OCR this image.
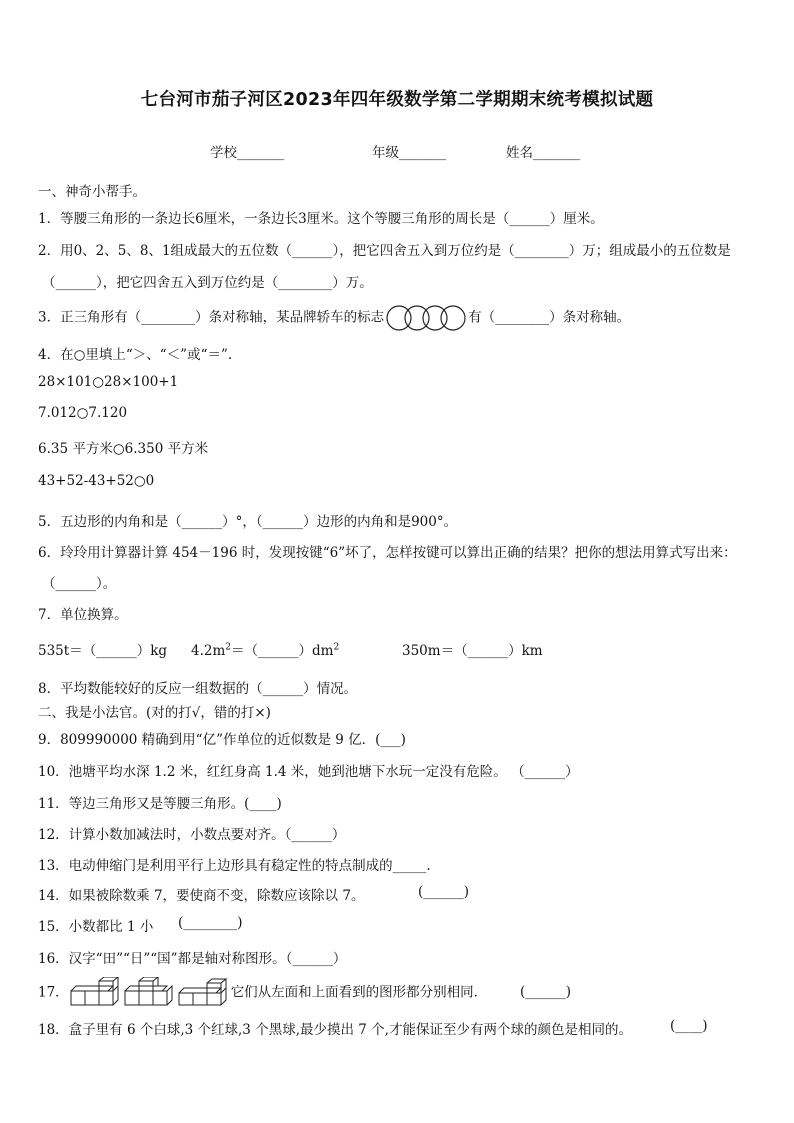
七台河市茄子河区2023年四年级数学第二学期期末统考模拟试题
学校_______	年级_______	姓名_______
一、神奇小帮手。
1．等腰三角形的一条边长6厘米，一条边长3厘米。这个等腰三角形的周长是（______）厘米。
2．用0、2、5、8、1组成最大的五位数（______），把它四舍五入到万位约是（________）万；组成最小的五位数是
（______），把它四舍五入到万位约是（________）万。
3．正三角形有（________）条对称轴，某品牌轿车的标志	有（________）条对称轴。
4．在○里填上“＞、“＜”或“＝”.
28×101○28×100+1
7.012○7.120
6.35 平方米○6.350 平方米
43+52-43+52○0
5．五边形的内角和是（______）°，（______）边形的内角和是900°。
6．玲玲用计算器计算 454－196 时，发现按键“6”坏了，怎样按键可以算出正确的结果？把你的想法用算式写出来：
（______）。
7．单位换算。
535t＝（______）kg $4.2m^2=(\_\_\_\_\_\_)dm^2$	350m＝（______）km
8．平均数能较好的反应一组数据的（______）情况。
二、我是小法官。(对的打√，错的打×)
9．809990000 精确到用“亿”作单位的近似数是 9 亿．(___)
10．池塘平均水深 1.2 米，红红身高 1.4 米，她到池塘下水玩一定没有危险。 （______）
11．等边三角形又是等腰三角形。(____)
12．计算小数加减法时，小数点要对齐。（______）
13．电动伸缩门是利用平行上边形具有稳定性的特点制成的_____.
14．如果被除数乘 7，要使商不变，除数应该除以 7。	(______)
15．小数都比 1 小 (________)
16．汉字“田”“日”“国”都是轴对称图形。（______）
17．	它们从左面和上面看到的图形都分别相同． (______)
18．盒子里有 6 个白球,3 个红球,3 个黑球,最少摸出 7 个,才能保证至少有两个球的颜色是相同的。	(____)
